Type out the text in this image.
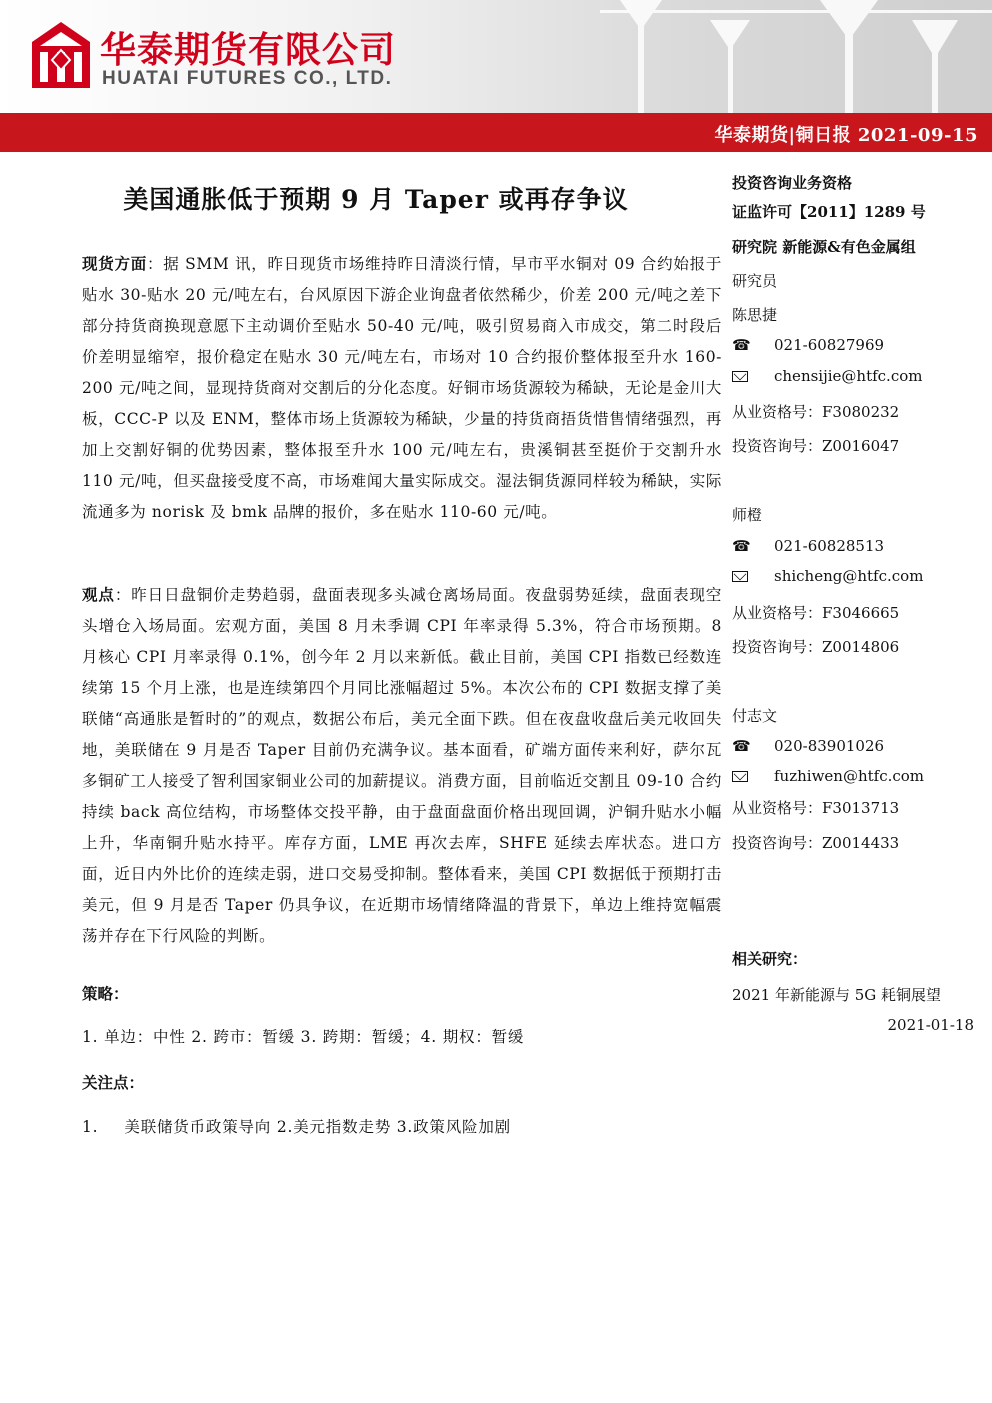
华泰期货有限公司
HUATAI FUTURES CO., LTD.
华泰期货|铜日报 2021-09-15
美国通胀低于预期 9 月 Taper 或再存争议
现货方面：据 SMM 讯，昨日现货市场维持昨日清淡行情，早市平水铜对 09 合约始报于贴水 30-贴水 20 元/吨左右，台风原因下游企业询盘者依然稀少，价差 200 元/吨之差下部分持货商换现意愿下主动调价至贴水 50-40 元/吨，吸引贸易商入市成交，第二时段后价差明显缩窄，报价稳定在贴水 30 元/吨左右，市场对 10 合约报价整体报至升水 160-200 元/吨之间，显现持货商对交割后的分化态度。好铜市场货源较为稀缺，无论是金川大板，CCC-P 以及 ENM，整体市场上货源较为稀缺，少量的持货商捂货惜售情绪强烈，再加上交割好铜的优势因素，整体报至升水 100 元/吨左右，贵溪铜甚至挺价于交割升水 110 元/吨，但买盘接受度不高，市场难闻大量实际成交。湿法铜货源同样较为稀缺，实际流通多为 norisk 及 bmk 品牌的报价，多在贴水 110-60 元/吨。
观点：昨日日盘铜价走势趋弱，盘面表现多头减仓离场局面。夜盘弱势延续，盘面表现空头增仓入场局面。宏观方面，美国 8 月未季调 CPI 年率录得 5.3%，符合市场预期。8 月核心 CPI 月率录得 0.1%，创今年 2 月以来新低。截止目前，美国 CPI 指数已经数连续第 15 个月上涨，也是连续第四个月同比涨幅超过 5%。本次公布的 CPI 数据支撑了美联储“高通胀是暂时的”的观点，数据公布后，美元全面下跌。但在夜盘收盘后美元收回失地，美联储在 9 月是否 Taper 目前仍充满争议。基本面看，矿端方面传来利好，萨尔瓦多铜矿工人接受了智利国家铜业公司的加薪提议。消费方面，目前临近交割且 09-10 合约持续 back 高位结构，市场整体交投平静，由于盘面盘面价格出现回调，沪铜升贴水小幅上升，华南铜升贴水持平。库存方面，LME 再次去库，SHFE 延续去库状态。进口方面，近日内外比价的连续走弱，进口交易受抑制。整体看来，美国 CPI 数据低于预期打击美元，但 9 月是否 Taper 仍具争议，在近期市场情绪降温的背景下，单边上维持宽幅震荡并存在下行风险的判断。
策略：
1. 单边：中性 2. 跨市：暂缓 3. 跨期：暂缓；4. 期权：暂缓
关注点：
1. 美联储货币政策导向 2.美元指数走势 3.政策风险加剧
投资咨询业务资格
证监许可【2011】1289 号
研究院 新能源&有色金属组
研究员
陈思捷
☎ 021-60827969
chensijie@htfc.com
从业资格号：F3080232
投资咨询号：Z0016047
师橙
☎ 021-60828513
shicheng@htfc.com
从业资格号：F3046665
投资咨询号：Z0014806
付志文
☎ 020-83901026
fuzhiwen@htfc.com
从业资格号：F3013713
投资咨询号：Z0014433
相关研究：
2021 年新能源与 5G 耗铜展望
2021-01-18
